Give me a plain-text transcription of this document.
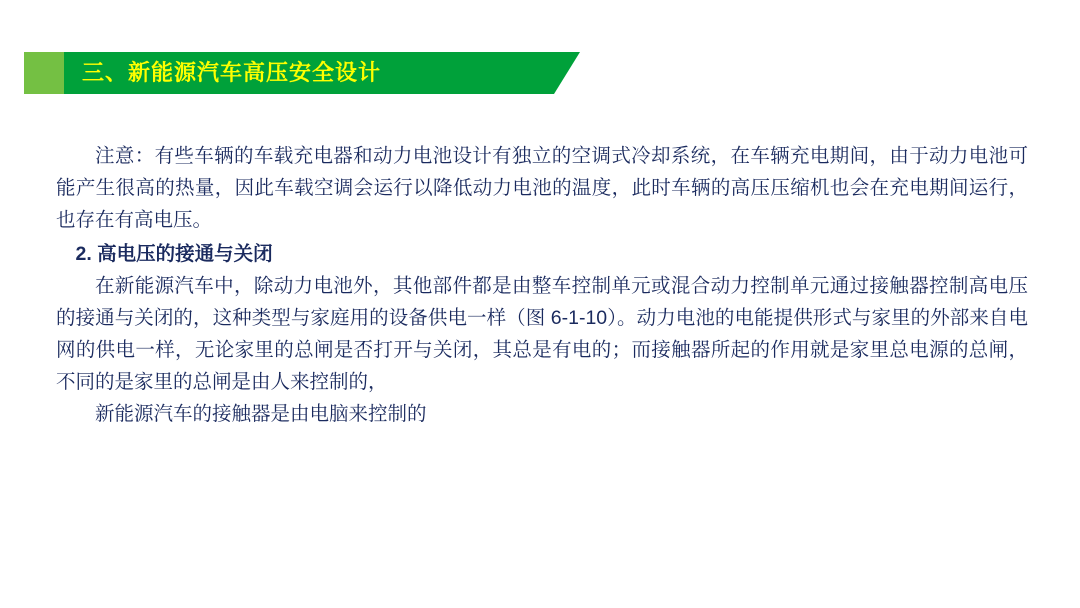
三、新能源汽车高压安全设计

注意：有些车辆的车载充电器和动力电池设计有独立的空调式冷却系统，在车辆充电期间，由于动力电池可能产生很高的热量，因此车载空调会运行以降低动力电池的温度，此时车辆的高压压缩机也会在充电期间运行，也存在有高电压。

2. 高电压的接通与关闭

在新能源汽车中，除动力电池外，其他部件都是由整车控制单元或混合动力控制单元通过接触器控制高电压的接通与关闭的，这种类型与家庭用的设备供电一样（图 6-1-10）。动力电池的电能提供形式与家里的外部来自电网的供电一样，无论家里的总闸是否打开与关闭，其总是有电的；而接触器所起的作用就是家里总电源的总闸，不同的是家里的总闸是由人来控制的，

新能源汽车的接触器是由电脑来控制的
